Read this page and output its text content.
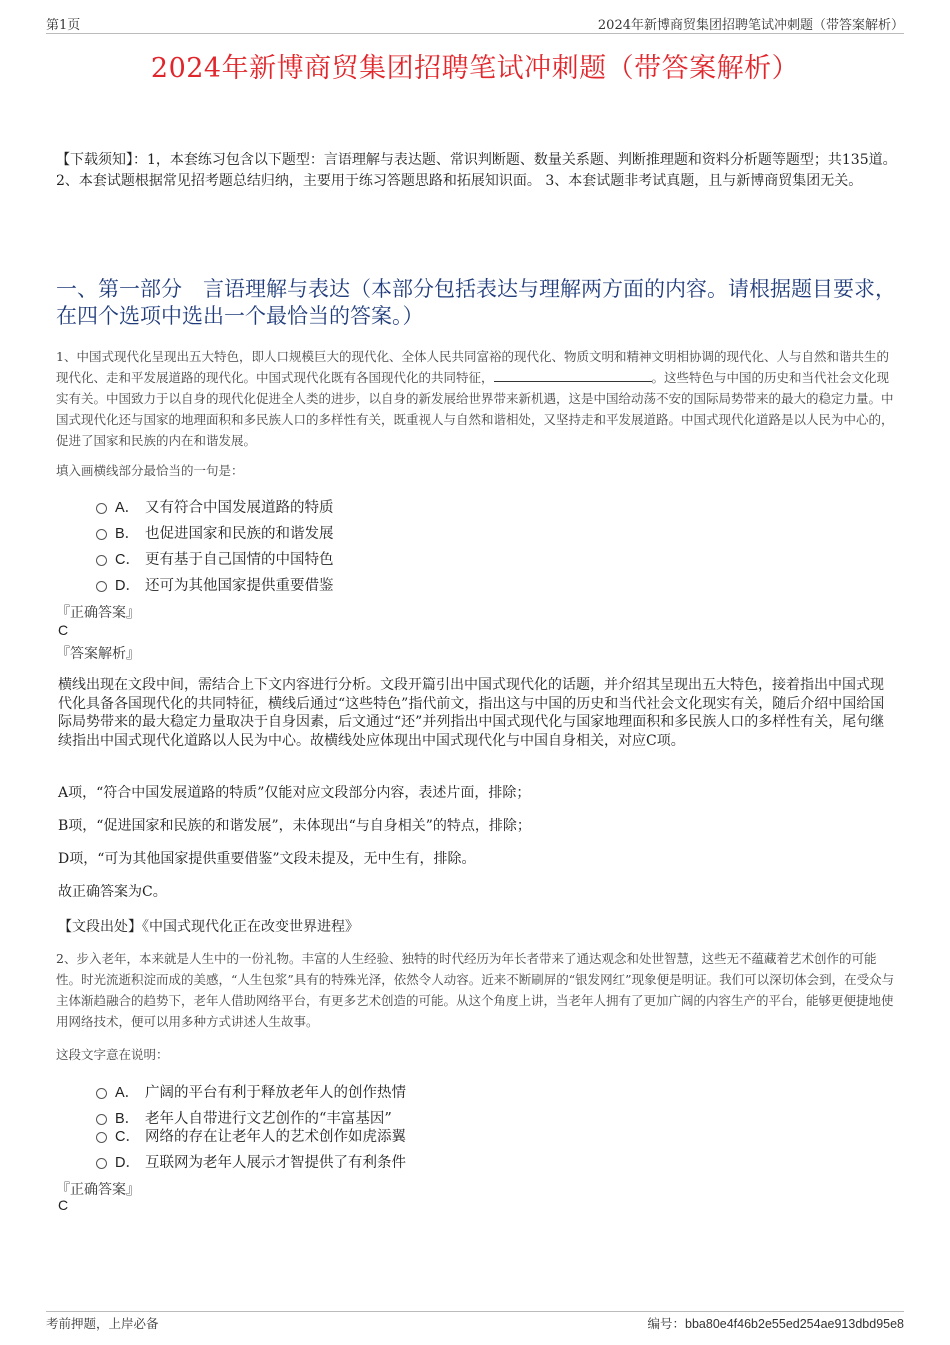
第1页	2024年新博商贸集团招聘笔试冲刺题（带答案解析）
2024年新博商贸集团招聘笔试冲刺题（带答案解析）
【下载须知】：1，本套练习包含以下题型：言语理解与表达题、常识判断题、数量关系题、判断推理题和资料分析题等题型；共135道。 2、本套试题根据常见招考题总结归纳，主要用于练习答题思路和拓展知识面。 3、本套试题非考试真题，且与新博商贸集团无关。
一、第一部分　言语理解与表达（本部分包括表达与理解两方面的内容。请根据题目要求，在四个选项中选出一个最恰当的答案。）
1、中国式现代化呈现出五大特色，即人口规模巨大的现代化、全体人民共同富裕的现代化、物质文明和精神文明相协调的现代化、人与自然和谐共生的现代化、走和平发展道路的现代化。中国式现代化既有各国现代化的共同特征，	。这些特色与中国的历史和当代社会文化现实有关。中国致力于以自身的现代化促进全人类的进步，以自身的新发展给世界带来新机遇，这是中国给动荡不安的国际局势带来的最大的稳定力量。中国式现代化还与国家的地理面积和多民族人口的多样性有关，既重视人与自然和谐相处，又坚持走和平发展道路。中国式现代化道路是以人民为中心的，促进了国家和民族的内在和谐发展。
填入画横线部分最恰当的一句是：
A． 又有符合中国发展道路的特质
B． 也促进国家和民族的和谐发展
C． 更有基于自己国情的中国特色
D． 还可为其他国家提供重要借鉴
『正确答案』
C
『答案解析』
横线出现在文段中间，需结合上下文内容进行分析。文段开篇引出中国式现代化的话题，并介绍其呈现出五大特色，接着指出中国式现代化具备各国现代化的共同特征，横线后通过“这些特色”指代前文，指出这与中国的历史和当代社会文化现实有关，随后介绍中国给国际局势带来的最大稳定力量取决于自身因素，后文通过“还”并列指出中国式现代化与国家地理面积和多民族人口的多样性有关，尾句继续指出中国式现代化道路以人民为中心。故横线处应体现出中国式现代化与中国自身相关，对应C项。
A项，“符合中国发展道路的特质”仅能对应文段部分内容，表述片面，排除；
B项，“促进国家和民族的和谐发展”，未体现出“与自身相关”的特点，排除；
D项，“可为其他国家提供重要借鉴”文段未提及，无中生有，排除。
故正确答案为C。
【文段出处】《中国式现代化正在改变世界进程》
2、步入老年，本来就是人生中的一份礼物。丰富的人生经验、独特的时代经历为年长者带来了通达观念和处世智慧，这些无不蕴藏着艺术创作的可能性。时光流逝积淀而成的美感，“人生包浆”具有的特殊光泽，依然令人动容。近来不断刷屏的“银发网红”现象便是明证。我们可以深切体会到，在受众与主体渐趋融合的趋势下，老年人借助网络平台，有更多艺术创造的可能。从这个角度上讲，当老年人拥有了更加广阔的内容生产的平台，能够更便捷地使用网络技术，便可以用多种方式讲述人生故事。
这段文字意在说明：
A． 广阔的平台有利于释放老年人的创作热情
B． 老年人自带进行文艺创作的“丰富基因”
C． 网络的存在让老年人的艺术创作如虎添翼
D． 互联网为老年人展示才智提供了有利条件
『正确答案』
C
考前押题，上岸必备	编号：bba80e4f46b2e55ed254ae913dbd95e8
